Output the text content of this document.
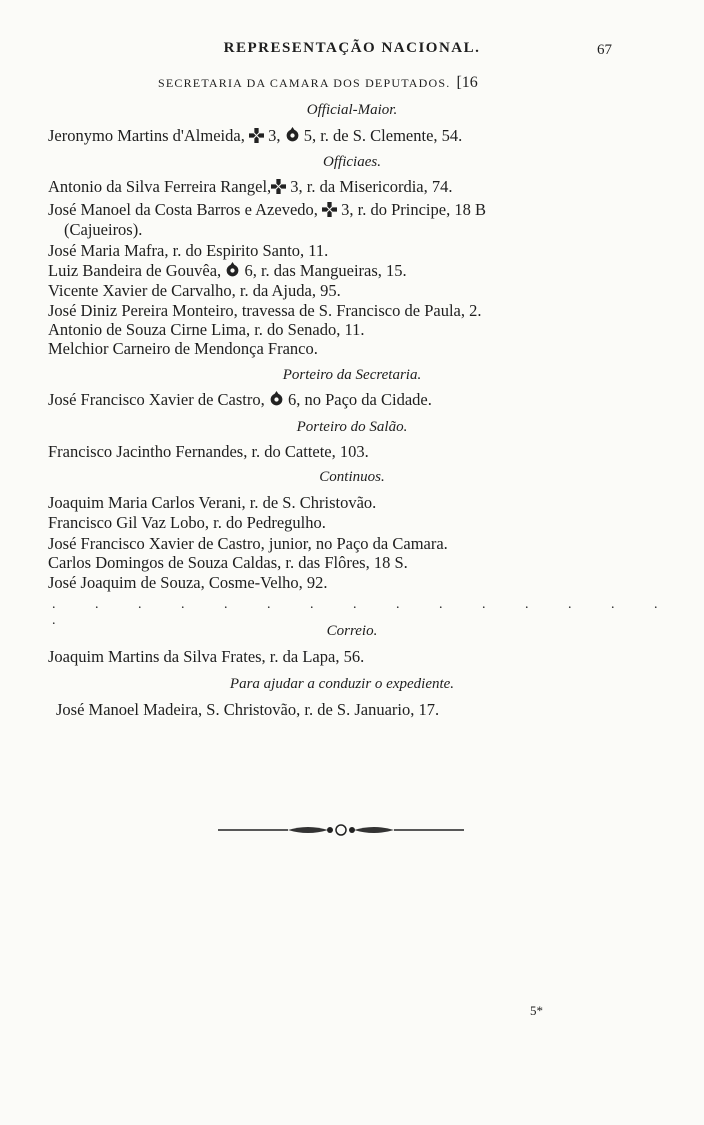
REPRESENTAÇÃO NACIONAL.	67
SECRETARIA DA CAMARA DOS DEPUTADOS. [16
Official-Maior.
Jeronymo Martins d'Almeida, 3, 5, r. de S. Clemente, 54.
Officiaes.
Antonio da Silva Ferreira Rangel, 3, r. da Misericordia, 74.
José Manoel da Costa Barros e Azevedo, 3, r. do Principe, 18 B
(Cajueiros).
José Maria Mafra, r. do Espirito Santo, 11.
Luiz Bandeira de Gouvêa, 6, r. das Mangueiras, 15.
Vicente Xavier de Carvalho, r. da Ajuda, 95.
José Diniz Pereira Monteiro, travessa de S. Francisco de Paula, 2.
Antonio de Souza Cirne Lima, r. do Senado, 11.
Melchior Carneiro de Mendonça Franco.
Porteiro da Secretaria.
José Francisco Xavier de Castro, 6, no Paço da Cidade.
Porteiro do Salão.
Francisco Jacintho Fernandes, r. do Cattete, 103.
Continuos.
Joaquim Maria Carlos Verani, r. de S. Christovão.
Francisco Gil Vaz Lobo, r. do Pedregulho.
José Francisco Xavier de Castro, junior, no Paço da Camara.
Carlos Domingos de Souza Caldas, r. das Flôres, 18 S.
José Joaquim de Souza, Cosme-Velho, 92.
. . . . . . . . . . . . . . . .
Correio.
Joaquim Martins da Silva Frates, r. da Lapa, 56.
Para ajudar a conduzir o expediente.
José Manoel Madeira, S. Christovão, r. de S. Januario, 17.
5*
